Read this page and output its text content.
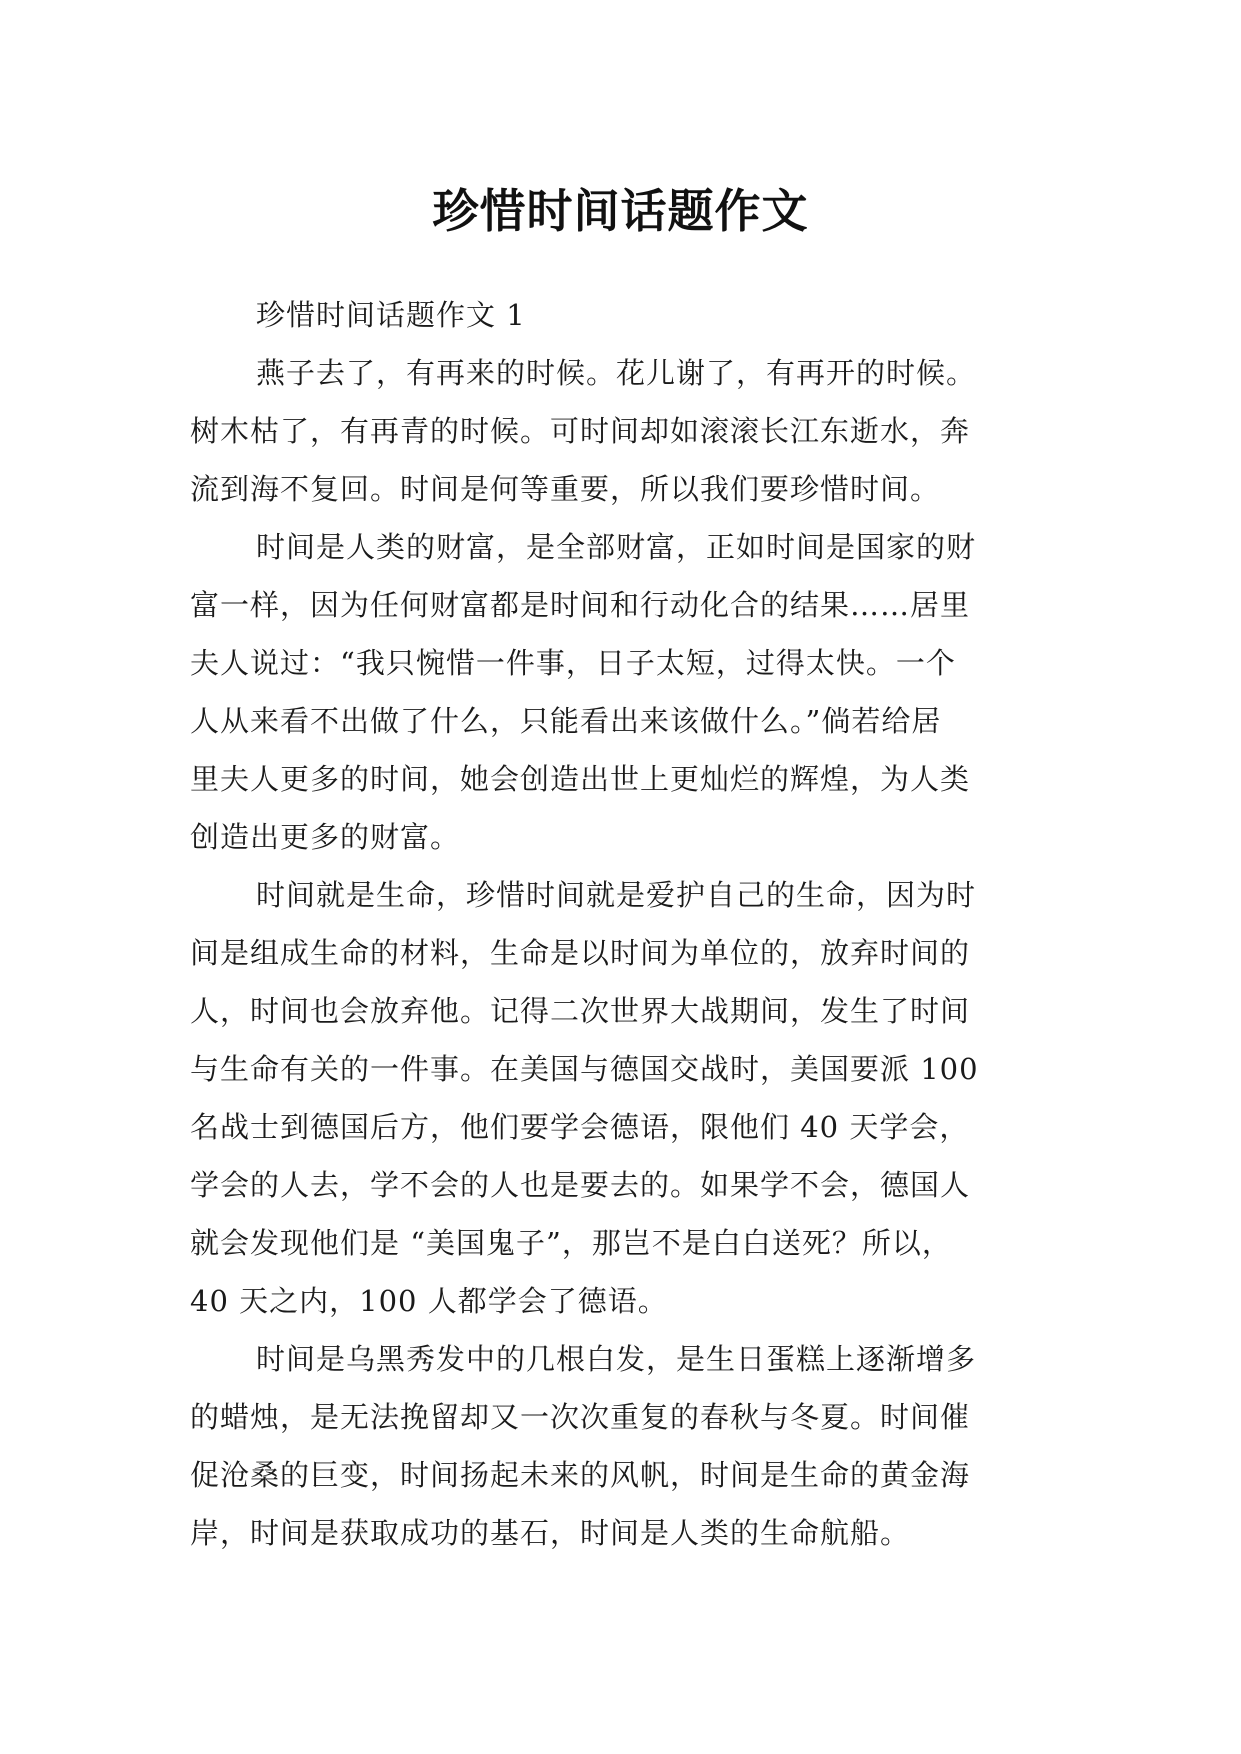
珍惜时间话题作文

珍惜时间话题作文 1

燕子去了，有再来的时候。花儿谢了，有再开的时候。
树木枯了，有再青的时候。可时间却如滚滚长江东逝水，奔
流到海不复回。时间是何等重要，所以我们要珍惜时间。
时间是人类的财富，是全部财富，正如时间是国家的财
富一样，因为任何财富都是时间和行动化合的结果……居里
夫人说过：“我只惋惜一件事，日子太短，过得太快。一个
人从来看不出做了什么，只能看出来该做什么。”倘若给居
里夫人更多的时间，她会创造出世上更灿烂的辉煌，为人类
创造出更多的财富。
时间就是生命，珍惜时间就是爱护自己的生命，因为时
间是组成生命的材料，生命是以时间为单位的，放弃时间的
人，时间也会放弃他。记得二次世界大战期间，发生了时间
与生命有关的一件事。在美国与德国交战时，美国要派 100
名战士到德国后方，他们要学会德语，限他们 40 天学会，
学会的人去，学不会的人也是要去的。如果学不会，德国人
就会发现他们是 “美国鬼子”，那岂不是白白送死？所以，
40 天之内，100 人都学会了德语。
时间是乌黑秀发中的几根白发，是生日蛋糕上逐渐增多
的蜡烛，是无法挽留却又一次次重复的春秋与冬夏。时间催
促沧桑的巨变，时间扬起未来的风帆，时间是生命的黄金海
岸，时间是获取成功的基石，时间是人类的生命航船。
